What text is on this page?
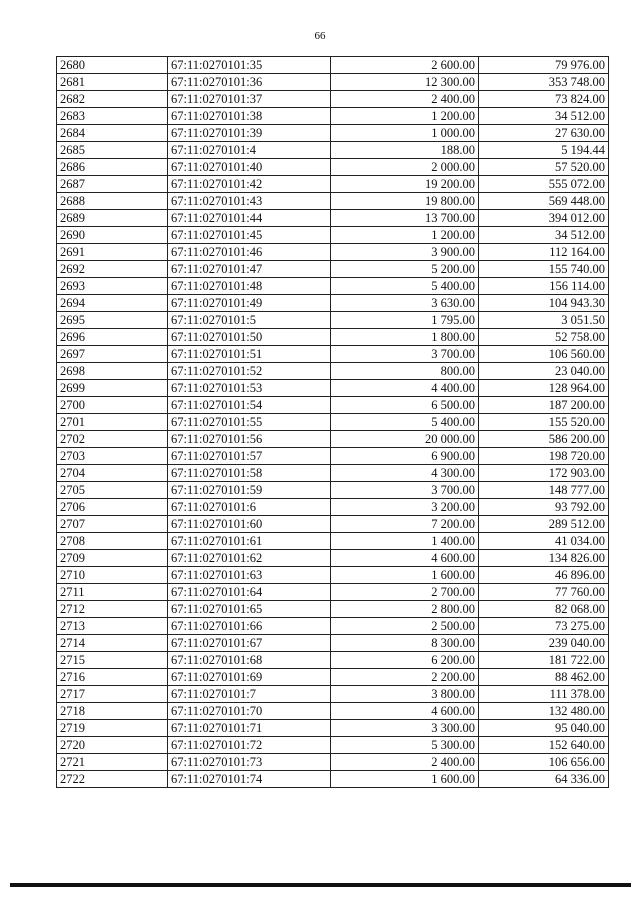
66
2680	67:11:0270101:35	2 600.00	79 976.00
2681	67:11:0270101:36	12 300.00	353 748.00
2682	67:11:0270101:37	2 400.00	73 824.00
2683	67:11:0270101:38	1 200.00	34 512.00
2684	67:11:0270101:39	1 000.00	27 630.00
2685	67:11:0270101:4	188.00	5 194.44
2686	67:11:0270101:40	2 000.00	57 520.00
2687	67:11:0270101:42	19 200.00	555 072.00
2688	67:11:0270101:43	19 800.00	569 448.00
2689	67:11:0270101:44	13 700.00	394 012.00
2690	67:11:0270101:45	1 200.00	34 512.00
2691	67:11:0270101:46	3 900.00	112 164.00
2692	67:11:0270101:47	5 200.00	155 740.00
2693	67:11:0270101:48	5 400.00	156 114.00
2694	67:11:0270101:49	3 630.00	104 943.30
2695	67:11:0270101:5	1 795.00	3 051.50
2696	67:11:0270101:50	1 800.00	52 758.00
2697	67:11:0270101:51	3 700.00	106 560.00
2698	67:11:0270101:52	800.00	23 040.00
2699	67:11:0270101:53	4 400.00	128 964.00
2700	67:11:0270101:54	6 500.00	187 200.00
2701	67:11:0270101:55	5 400.00	155 520.00
2702	67:11:0270101:56	20 000.00	586 200.00
2703	67:11:0270101:57	6 900.00	198 720.00
2704	67:11:0270101:58	4 300.00	172 903.00
2705	67:11:0270101:59	3 700.00	148 777.00
2706	67:11:0270101:6	3 200.00	93 792.00
2707	67:11:0270101:60	7 200.00	289 512.00
2708	67:11:0270101:61	1 400.00	41 034.00
2709	67:11:0270101:62	4 600.00	134 826.00
2710	67:11:0270101:63	1 600.00	46 896.00
2711	67:11:0270101:64	2 700.00	77 760.00
2712	67:11:0270101:65	2 800.00	82 068.00
2713	67:11:0270101:66	2 500.00	73 275.00
2714	67:11:0270101:67	8 300.00	239 040.00
2715	67:11:0270101:68	6 200.00	181 722.00
2716	67:11:0270101:69	2 200.00	88 462.00
2717	67:11:0270101:7	3 800.00	111 378.00
2718	67:11:0270101:70	4 600.00	132 480.00
2719	67:11:0270101:71	3 300.00	95 040.00
2720	67:11:0270101:72	5 300.00	152 640.00
2721	67:11:0270101:73	2 400.00	106 656.00
2722	67:11:0270101:74	1 600.00	64 336.00
